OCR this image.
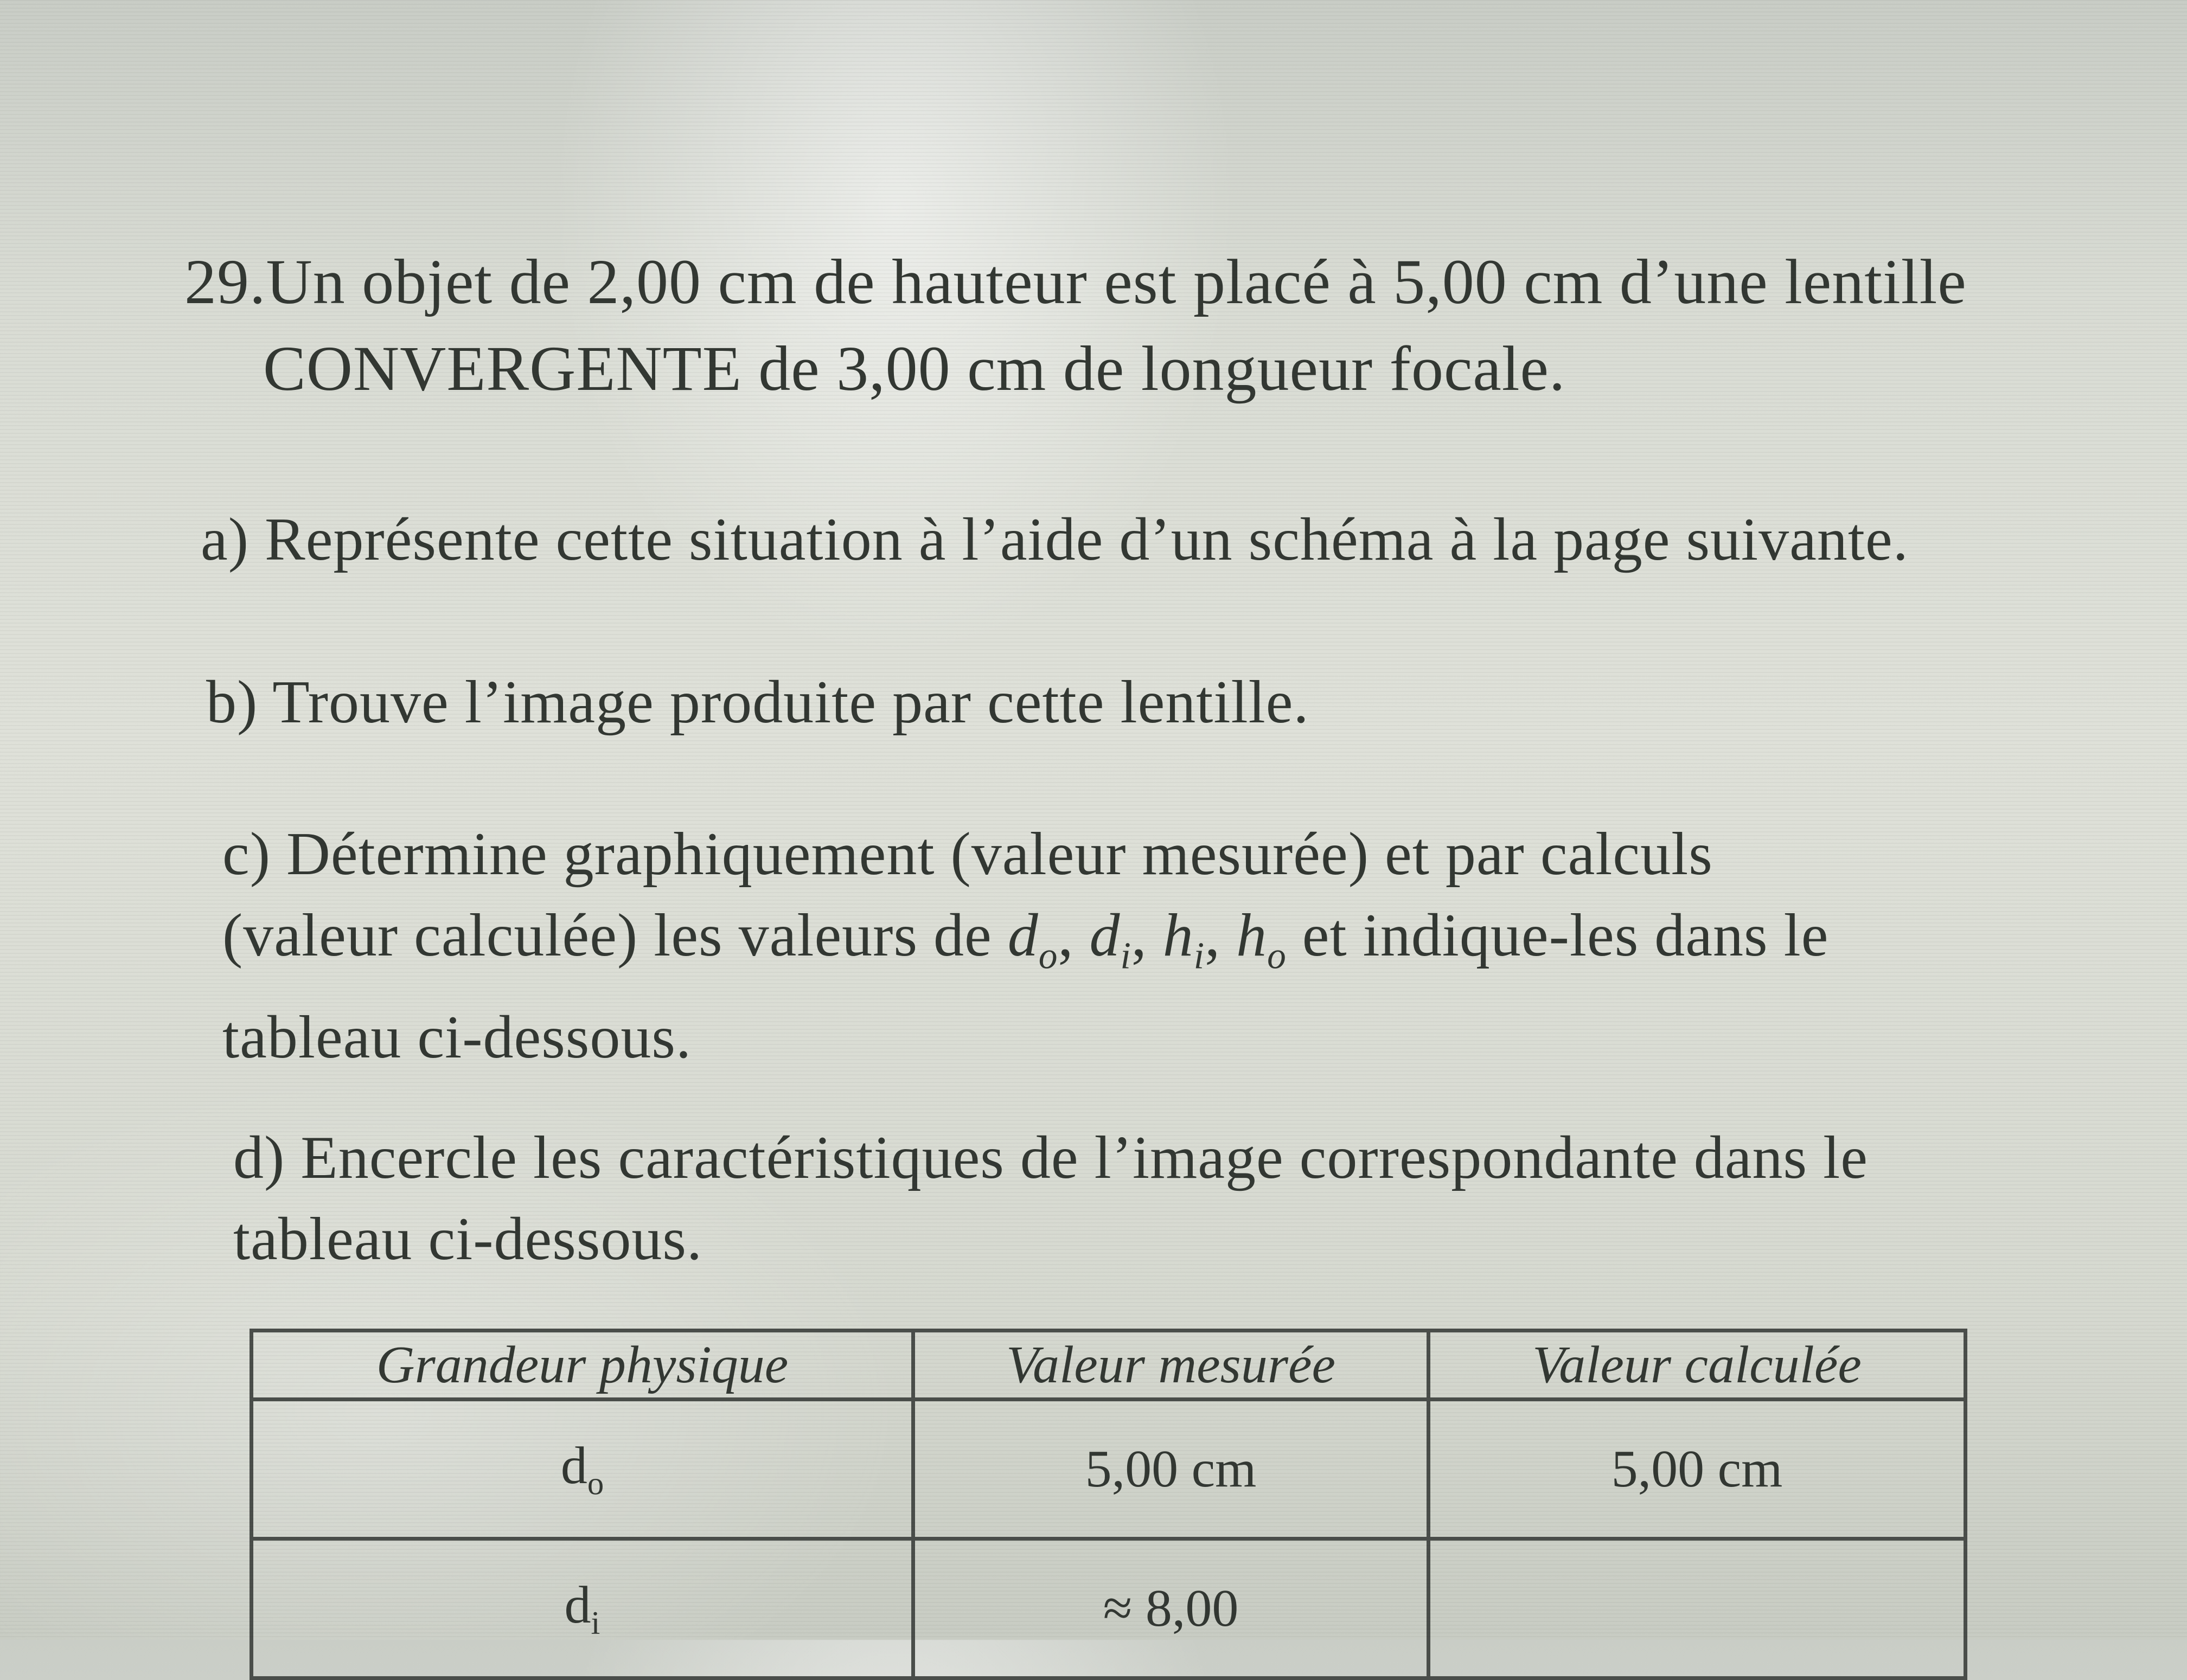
29.Un objet de 2,00 cm de hauteur est placé à 5,00 cm d’une lentille
CONVERGENTE de 3,00 cm de longueur focale.
a) Représente cette situation à l’aide d’un schéma à la page suivante.
b) Trouve l’image produite par cette lentille.
c) Détermine graphiquement (valeur mesurée) et par calculs (valeur calculée) les valeurs de $d_o$, $d_i$, $h_i$, $h_o$ et indique-les dans le tableau ci-dessous.
d) Encercle les caractéristiques de l’image correspondante dans le tableau ci-dessous.
Grandeur physique	Valeur mesurée	Valeur calculée
$d_o$	5,00 cm	5,00 cm
$d_i$	≈ 8,00	
